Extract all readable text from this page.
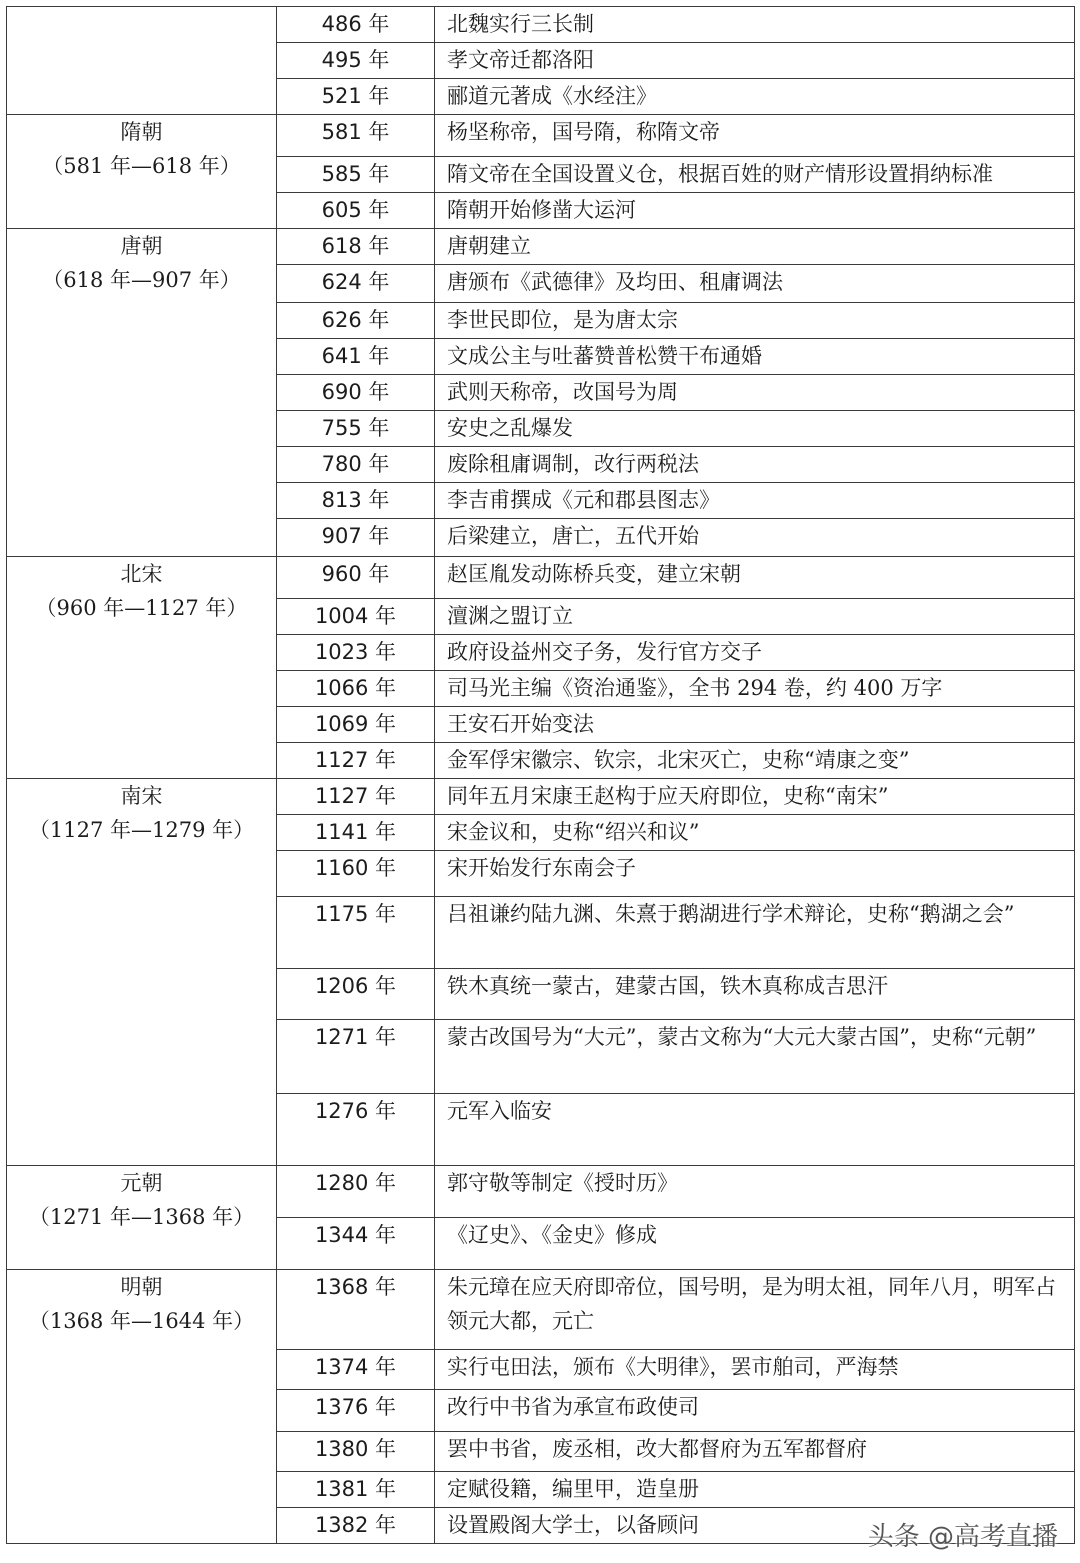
	486 年	北魏实行三长制
	495 年	孝文帝迁都洛阳
	521 年	郦道元著成《水经注》

隋朝
（581 年—618 年）	581 年	杨坚称帝，国号隋，称隋文帝
	585 年	隋文帝在全国设置义仓，根据百姓的财产情形设置捐纳标准
	605 年	隋朝开始修凿大运河

唐朝
（618 年—907 年）	618 年	唐朝建立
	624 年	唐颁布《武德律》及均田、租庸调法
	626 年	李世民即位，是为唐太宗
	641 年	文成公主与吐蕃赞普松赞干布通婚
	690 年	武则天称帝，改国号为周
	755 年	安史之乱爆发
	780 年	废除租庸调制，改行两税法
	813 年	李吉甫撰成《元和郡县图志》
	907 年	后梁建立，唐亡，五代开始

北宋
（960 年—1127 年）	960 年	赵匡胤发动陈桥兵变，建立宋朝
	1004 年	澶渊之盟订立
	1023 年	政府设益州交子务，发行官方交子
	1066 年	司马光主编《资治通鉴》，全书 294 卷，约 400 万字
	1069 年	王安石开始变法
	1127 年	金军俘宋徽宗、钦宗，北宋灭亡，史称“靖康之变”

南宋
（1127 年—1279 年）	1127 年	同年五月宋康王赵构于应天府即位，史称“南宋”
	1141 年	宋金议和，史称“绍兴和议”
	1160 年	宋开始发行东南会子
	1175 年	吕祖谦约陆九渊、朱熹于鹅湖进行学术辩论，史称“鹅湖之会”
	1206 年	铁木真统一蒙古，建蒙古国，铁木真称成吉思汗
	1271 年	蒙古改国号为“大元”，蒙古文称为“大元大蒙古国”，史称“元朝”
	1276 年	元军入临安

元朝
（1271 年—1368 年）	1280 年	郭守敬等制定《授时历》
	1344 年	《辽史》、《金史》修成

明朝
（1368 年—1644 年）	1368 年	朱元璋在应天府即帝位，国号明，是为明太祖，同年八月，明军占领元大都，元亡
	1374 年	实行屯田法，颁布《大明律》，罢市舶司，严海禁
	1376 年	改行中书省为承宣布政使司
	1380 年	罢中书省，废丞相，改大都督府为五军都督府
	1381 年	定赋役籍，编里甲，造皇册
	1382 年	设置殿阁大学士，以备顾问	头条 @高考直播
